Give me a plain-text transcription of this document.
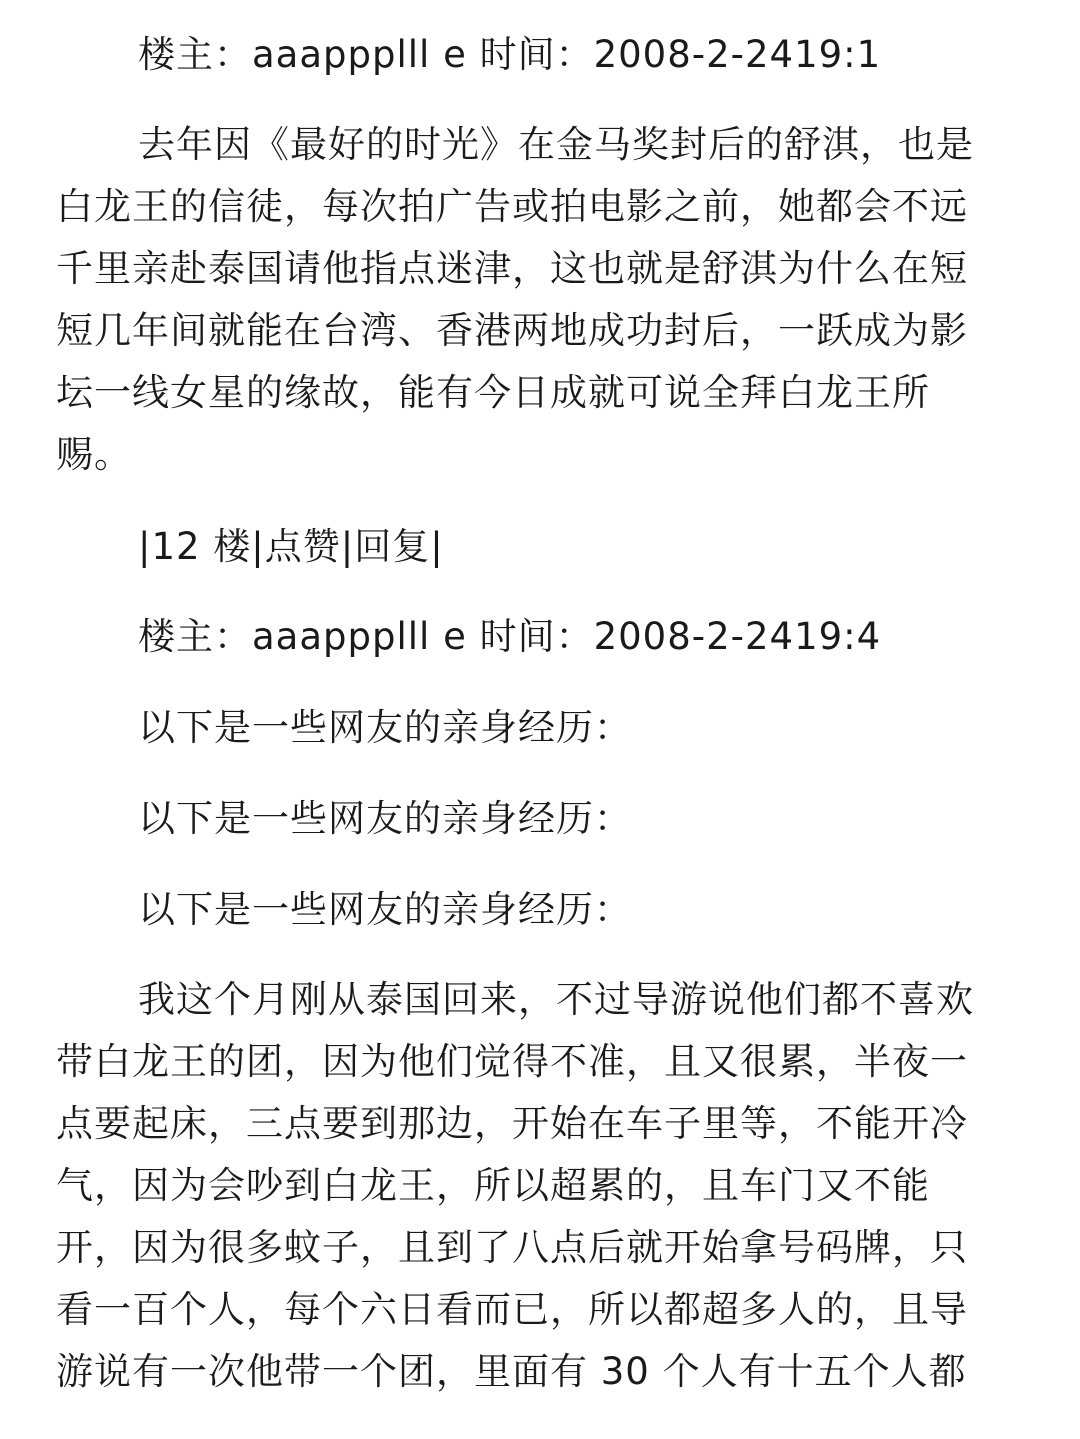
楼主：aaappplll e 时间：2008-2-2419:1
去年因《最好的时光》在金马奖封后的舒淇，也是
白龙王的信徒，每次拍广告或拍电影之前，她都会不远
千里亲赴泰国请他指点迷津，这也就是舒淇为什么在短
短几年间就能在台湾、香港两地成功封后，一跃成为影
坛一线女星的缘故，能有今日成就可说全拜白龙王所
赐。
|12 楼|点赞|回复|
楼主：aaappplll e 时间：2008-2-2419:4
以下是一些网友的亲身经历：
以下是一些网友的亲身经历：
以下是一些网友的亲身经历：
我这个月刚从泰国回来，不过导游说他们都不喜欢
带白龙王的团，因为他们觉得不准，且又很累，半夜一
点要起床，三点要到那边，开始在车子里等，不能开冷
气，因为会吵到白龙王，所以超累的，且车门又不能
开，因为很多蚊子，且到了八点后就开始拿号码牌，只
看一百个人，每个六日看而已，所以都超多人的，且导
游说有一次他带一个团，里面有 30 个人有十五个人都
